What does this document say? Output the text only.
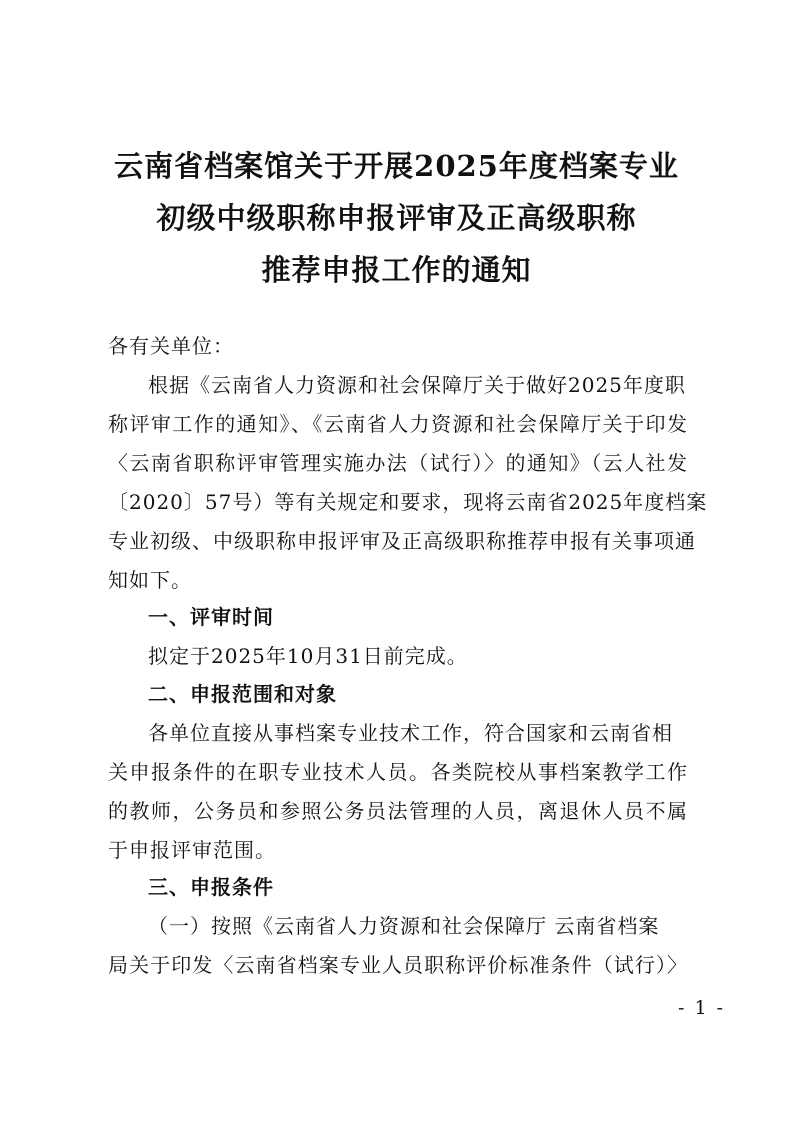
云南省档案馆关于开展2025年度档案专业
初级中级职称申报评审及正高级职称
推荐申报工作的通知
各有关单位：
根据《云南省人力资源和社会保障厅关于做好2025年度职
称评审工作的通知》、《云南省人力资源和社会保障厅关于印发
〈云南省职称评审管理实施办法（试行）〉的通知》（云人社发
〔2020〕57号）等有关规定和要求，现将云南省2025年度档案
专业初级、中级职称申报评审及正高级职称推荐申报有关事项通
知如下。
一、评审时间
拟定于2025年10月31日前完成。
二、申报范围和对象
各单位直接从事档案专业技术工作，符合国家和云南省相
关申报条件的在职专业技术人员。各类院校从事档案教学工作
的教师，公务员和参照公务员法管理的人员，离退休人员不属
于申报评审范围。
三、申报条件
（一）按照《云南省人力资源和社会保障厅 云南省档案
局关于印发〈云南省档案专业人员职称评价标准条件（试行）〉
- 1 -
